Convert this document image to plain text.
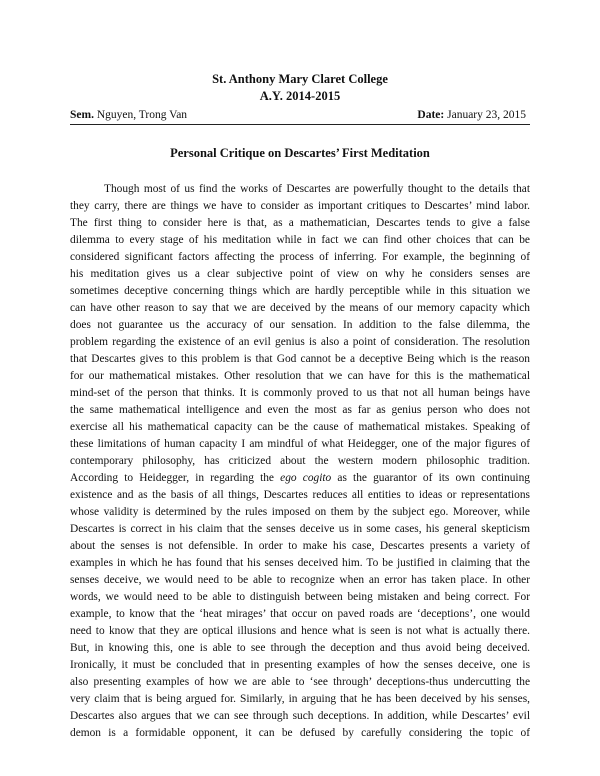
St. Anthony Mary Claret College
A.Y. 2014-2015
Sem. Nguyen, Trong Van	Date: January 23, 2015
Personal Critique on Descartes’ First Meditation
Though most of us find the works of Descartes are powerfully thought to the details that
they carry, there are things we have to consider as important critiques to Descartes’ mind labor.
The first thing to consider here is that, as a mathematician, Descartes tends to give a false
dilemma to every stage of his meditation while in fact we can find other choices that can be
considered significant factors affecting the process of inferring. For example, the beginning of
his meditation gives us a clear subjective point of view on why he considers senses are
sometimes deceptive concerning things which are hardly perceptible while in this situation we
can have other reason to say that we are deceived by the means of our memory capacity which
does not guarantee us the accuracy of our sensation. In addition to the false dilemma, the
problem regarding the existence of an evil genius is also a point of consideration. The resolution
that Descartes gives to this problem is that God cannot be a deceptive Being which is the reason
for our mathematical mistakes. Other resolution that we can have for this is the mathematical
mind-set of the person that thinks. It is commonly proved to us that not all human beings have
the same mathematical intelligence and even the most as far as genius person who does not
exercise all his mathematical capacity can be the cause of mathematical mistakes. Speaking of
these limitations of human capacity I am mindful of what Heidegger, one of the major figures of
contemporary philosophy, has criticized about the western modern philosophic tradition.
According to Heidegger, in regarding the ego cogito as the guarantor of its own continuing
existence and as the basis of all things, Descartes reduces all entities to ideas or representations
whose validity is determined by the rules imposed on them by the subject ego. Moreover, while
Descartes is correct in his claim that the senses deceive us in some cases, his general skepticism
about the senses is not defensible. In order to make his case, Descartes presents a variety of
examples in which he has found that his senses deceived him. To be justified in claiming that the
senses deceive, we would need to be able to recognize when an error has taken place. In other
words, we would need to be able to distinguish between being mistaken and being correct. For
example, to know that the ‘heat mirages’ that occur on paved roads are ‘deceptions’, one would
need to know that they are optical illusions and hence what is seen is not what is actually there.
But, in knowing this, one is able to see through the deception and thus avoid being deceived.
Ironically, it must be concluded that in presenting examples of how the senses deceive, one is
also presenting examples of how we are able to ‘see through’ deceptions-thus undercutting the
very claim that is being argued for. Similarly, in arguing that he has been deceived by his senses,
Descartes also argues that we can see through such deceptions. In addition, while Descartes’ evil
demon is a formidable opponent, it can be defused by carefully considering the topic of
